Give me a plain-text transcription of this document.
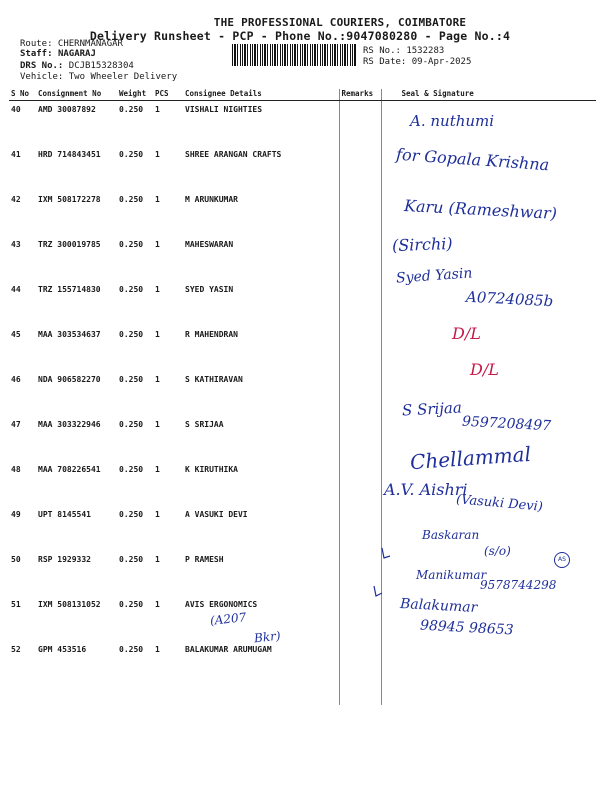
THE PROFESSIONAL COURIERS, COIMBATORE
Delivery Runsheet - PCP - Phone No.:9047080280 - Page No.:4
Route: CHERNMANAGAR
Staff: NAGARAJ
DRS No.: DCJB15328304
Vehicle: Two Wheeler Delivery
RS No.: 1532283
RS Date: 09-Apr-2025
S No	Consignment No	Weight	PCS	Consignee Details	Remarks	Seal & Signature
40	AMD 30087892	0.250	1	VISHALI NIGHTIES		
41	HRD 714843451	0.250	1	SHREE ARANGAN CRAFTS		
42	IXM 508172278	0.250	1	M ARUNKUMAR		
43	TRZ 300019785	0.250	1	MAHESWARAN		
44	TRZ 155714830	0.250	1	SYED YASIN		
45	MAA 303534637	0.250	1	R MAHENDRAN		
46	NDA 906582270	0.250	1	S KATHIRAVAN		
47	MAA 303322946	0.250	1	S SRIJAA		
48	MAA 708226541	0.250	1	K KIRUTHIKA		
49	UPT 8145541	0.250	1	A VASUKI DEVI		
50	RSP 1929332	0.250	1	P RAMESH		
51	IXM 508131052	0.250	1	AVIS ERGONOMICS		
52	GPM 453516	0.250	1	BALAKUMAR ARUMUGAM		
A. nuthumi
for Gopala Krishna
Karu (Rameshwar)
(Sirchi)
Syed Yasin
A0724085b
D/L
D/L
S Srijaa
9597208497
Chellammal
A.V. Aishri
(Vasuki Devi)
Baskaran
(s/o)
AS
Manikumar
9578744298
Balakumar
98945 98653
(A207
Bkr)
